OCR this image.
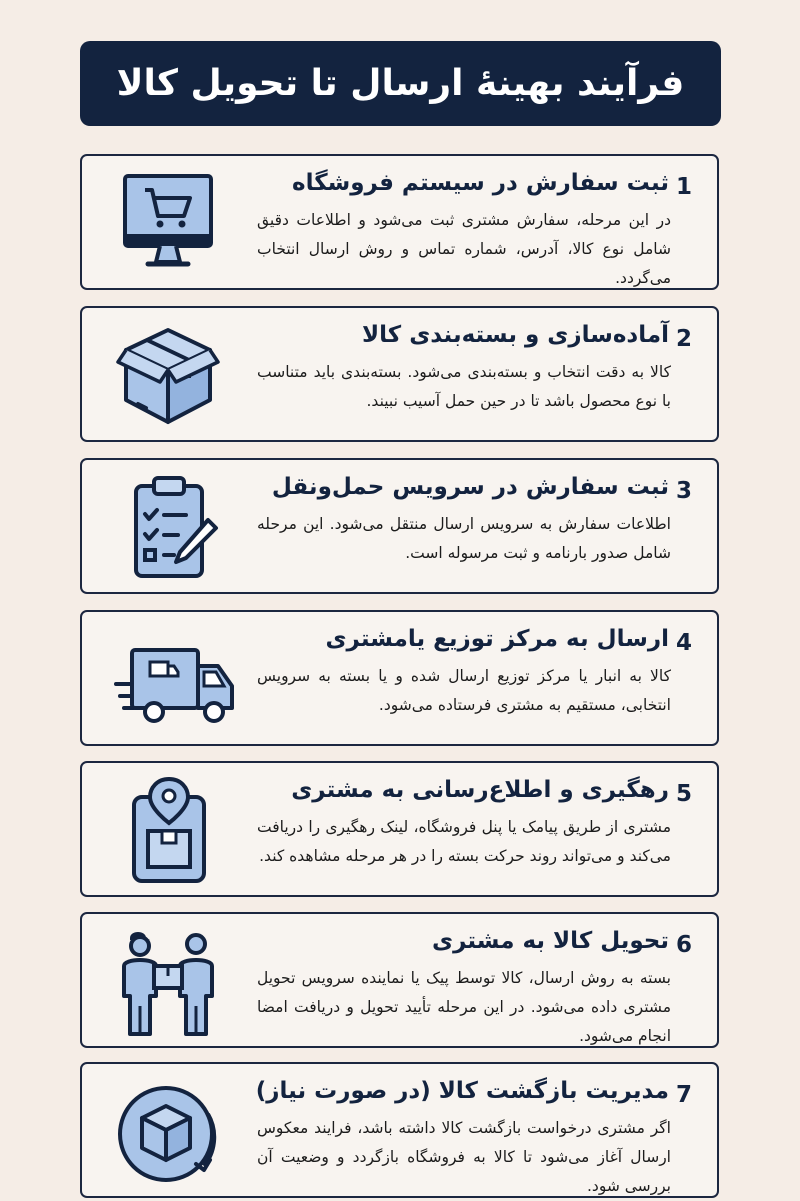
فرآیند بهینهٔ ارسال تا تحویل کالا
1
ثبت سفارش در سیستم فروشگاه
در این مرحله، سفارش مشتری ثبت می‌شود و اطلاعات دقیق شامل نوع کالا، آدرس، شماره تماس و روش ارسال انتخاب می‌گردد.
2
آماده‌سازی و بسته‌بندی کالا
کالا به دقت انتخاب و بسته‌بندی می‌شود. بسته‌بندی باید متناسب با نوع محصول باشد تا در حین حمل آسیب نبیند.
3
ثبت سفارش در سرویس حمل‌ونقل
اطلاعات سفارش به سرویس ارسال منتقل می‌شود. این مرحله شامل صدور بارنامه و ثبت مرسوله است.
4
ارسال به مرکز توزیع یامشتری
کالا به انبار یا مرکز توزیع ارسال شده و یا بسته به سرویس انتخابی، مستقیم به مشتری فرستاده می‌شود.
5
رهگیری و اطلاع‌رسانی به مشتری
مشتری از طریق پیامک یا پنل فروشگاه، لینک رهگیری را دریافت می‌کند و می‌تواند روند حرکت بسته را در هر مرحله مشاهده کند.
6
تحویل کالا به مشتری
بسته به روش ارسال، کالا توسط پیک یا نماینده سرویس تحویل مشتری داده می‌شود. در این مرحله تأیید تحویل و دریافت امضا انجام می‌شود.
7
مدیریت بازگشت کالا (در صورت نیاز)
اگر مشتری درخواست بازگشت کالا داشته باشد، فرایند معکوس ارسال آغاز می‌شود تا کالا به فروشگاه بازگردد و وضعیت آن بررسی شود.
